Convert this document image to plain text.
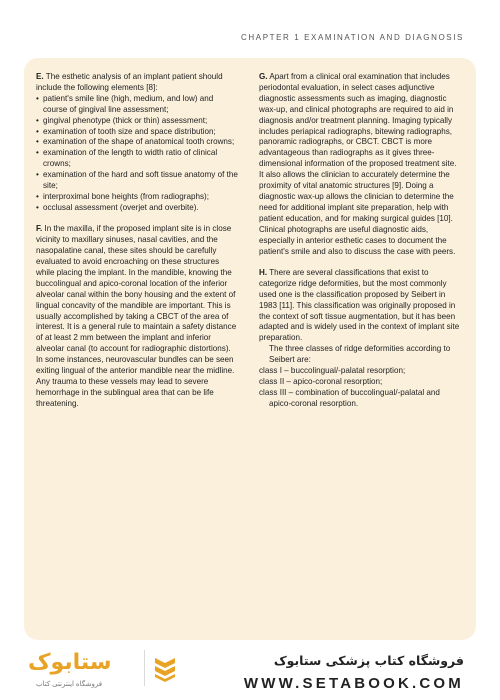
CHAPTER 1 EXAMINATION AND DIAGNOSIS
E. The esthetic analysis of an implant patient should include the following elements [8]:
• patient's smile line (high, medium, and low) and course of gingival line assessment;
• gingival phenotype (thick or thin) assessment;
• examination of tooth size and space distribution;
• examination of the shape of anatomical tooth crowns;
• examination of the length to width ratio of clinical crowns;
• examination of the hard and soft tissue anatomy of the site;
• interproximal bone heights (from radiographs);
• occlusal assessment (overjet and overbite).
F. In the maxilla, if the proposed implant site is in close vicinity to maxillary sinuses, nasal cavities, and the nasopalatine canal, these sites should be carefully evaluated to avoid encroaching on these structures while placing the implant. In the mandible, knowing the buccolingual and apico-coronal location of the inferior alveolar canal within the bony housing and the extent of lingual concavity of the mandible are important. This is usually accomplished by taking a CBCT of the area of interest. It is a general rule to maintain a safety distance of at least 2 mm between the implant and inferior alveolar canal (to account for radiographic distortions). In some instances, neurovascular bundles can be seen exiting lingual of the anterior mandible near the midline. Any trauma to these vessels may lead to severe hemorrhage in the sublingual area that can be life threatening.
G. Apart from a clinical oral examination that includes periodontal evaluation, in select cases adjunctive diagnostic assessments such as imaging, diagnostic wax-up, and clinical photographs are required to aid in diagnosis and/or treatment planning. Imaging typically includes periapical radiographs, bitewing radiographs, panoramic radiographs, or CBCT. CBCT is more advantageous than radiographs as it gives three-dimensional information of the proposed treatment site. It also allows the clinician to accurately determine the proximity of vital anatomic structures [9]. Doing a diagnostic wax-up allows the clinician to determine the need for additional implant site preparation, help with patient education, and for making surgical guides [10]. Clinical photographs are useful diagnostic aids, especially in anterior esthetic cases to document the patient's smile and also to discuss the case with peers.
H. There are several classifications that exist to categorize ridge deformities, but the most commonly used one is the classification proposed by Seibert in 1983 [11]. This classification was originally proposed in the context of soft tissue augmentation, but it has been adapted and is widely used in the context of implant site preparation.
The three classes of ridge deformities according to Seibert are:
class I – buccolingual/-palatal resorption;
class II – apico-coronal resorption;
class III – combination of buccolingual/-palatal and
apico-coronal resorption.
ستابوک
فروشگاه اینترنتی کتاب
فروشگاه کتاب پزشکی ستابوک
WWW.SETABOOK.COM
